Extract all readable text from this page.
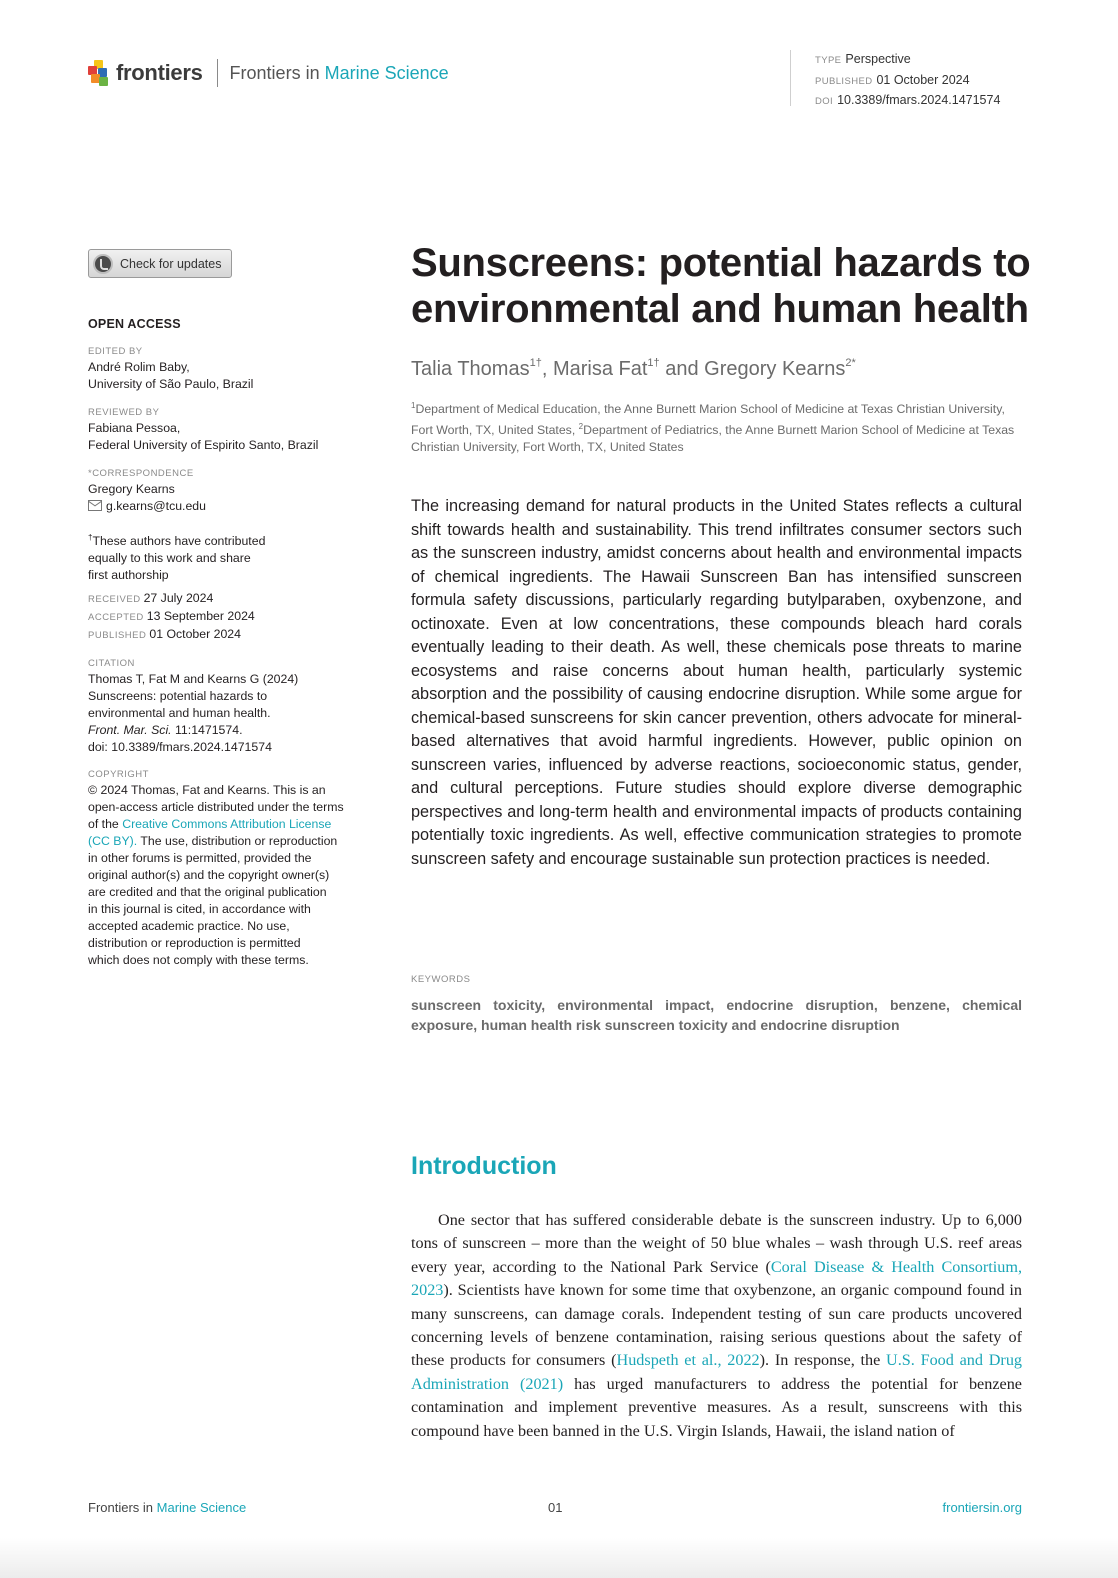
frontiers Frontiers in Marine Science
TYPE Perspective
PUBLISHED 01 October 2024
DOI 10.3389/fmars.2024.1471574
Check for updates
OPEN ACCESS
EDITED BY
André Rolim Baby,
University of São Paulo, Brazil
REVIEWED BY
Fabiana Pessoa,
Federal University of Espirito Santo, Brazil
*CORRESPONDENCE
Gregory Kearns
g.kearns@tcu.edu
†These authors have contributed
equally to this work and share
first authorship
RECEIVED 27 July 2024
ACCEPTED 13 September 2024
PUBLISHED 01 October 2024
CITATION
Thomas T, Fat M and Kearns G (2024)
Sunscreens: potential hazards to
environmental and human health.
Front. Mar. Sci. 11:1471574.
doi: 10.3389/fmars.2024.1471574
COPYRIGHT
© 2024 Thomas, Fat and Kearns. This is an
open-access article distributed under the terms
of the Creative Commons Attribution License
(CC BY). The use, distribution or reproduction
in other forums is permitted, provided the
original author(s) and the copyright owner(s)
are credited and that the original publication
in this journal is cited, in accordance with
accepted academic practice. No use,
distribution or reproduction is permitted
which does not comply with these terms.
Sunscreens: potential hazards to
environmental and human health
Talia Thomas$^{1\dagger}$, Marisa Fat$^{1\dagger}$ and Gregory Kearns$^{2*}$
$^1$Department of Medical Education, the Anne Burnett Marion School of Medicine at Texas Christian University, Fort Worth, TX, United States, $^2$Department of Pediatrics, the Anne Burnett Marion School of Medicine at Texas Christian University, Fort Worth, TX, United States

The increasing demand for natural products in the United States reflects a cultural shift towards health and sustainability. This trend infiltrates consumer sectors such as the sunscreen industry, amidst concerns about health and environmental impacts of chemical ingredients. The Hawaii Sunscreen Ban has intensified sunscreen formula safety discussions, particularly regarding butylparaben, oxybenzone, and octinoxate. Even at low concentrations, these compounds bleach hard corals eventually leading to their death. As well, these chemicals pose threats to marine ecosystems and raise concerns about human health, particularly systemic absorption and the possibility of causing endocrine disruption. While some argue for chemical-based sunscreens for skin cancer prevention, others advocate for mineral-based alternatives that avoid harmful ingredients. However, public opinion on sunscreen varies, influenced by adverse reactions, socioeconomic status, gender, and cultural perceptions. Future studies should explore diverse demographic perspectives and long-term health and environmental impacts of products containing potentially toxic ingredients. As well, effective communication strategies to promote sunscreen safety and encourage sustainable sun protection practices is needed.

KEYWORDS
sunscreen toxicity, environmental impact, endocrine disruption, benzene, chemical exposure, human health risk sunscreen toxicity and endocrine disruption
Introduction

One sector that has suffered considerable debate is the sunscreen industry. Up to 6,000 tons of sunscreen – more than the weight of 50 blue whales – wash through U.S. reef areas every year, according to the National Park Service (Coral Disease & Health Consortium, 2023). Scientists have known for some time that oxybenzone, an organic compound found in many sunscreens, can damage corals. Independent testing of sun care products uncovered concerning levels of benzene contamination, raising serious questions about the safety of these products for consumers (Hudspeth et al., 2022). In response, the U.S. Food and Drug Administration (2021) has urged manufacturers to address the potential for benzene contamination and implement preventive measures. As a result, sunscreens with this compound have been banned in the U.S. Virgin Islands, Hawaii, the island nation of

Frontiers in Marine Science	01	frontiersin.org
